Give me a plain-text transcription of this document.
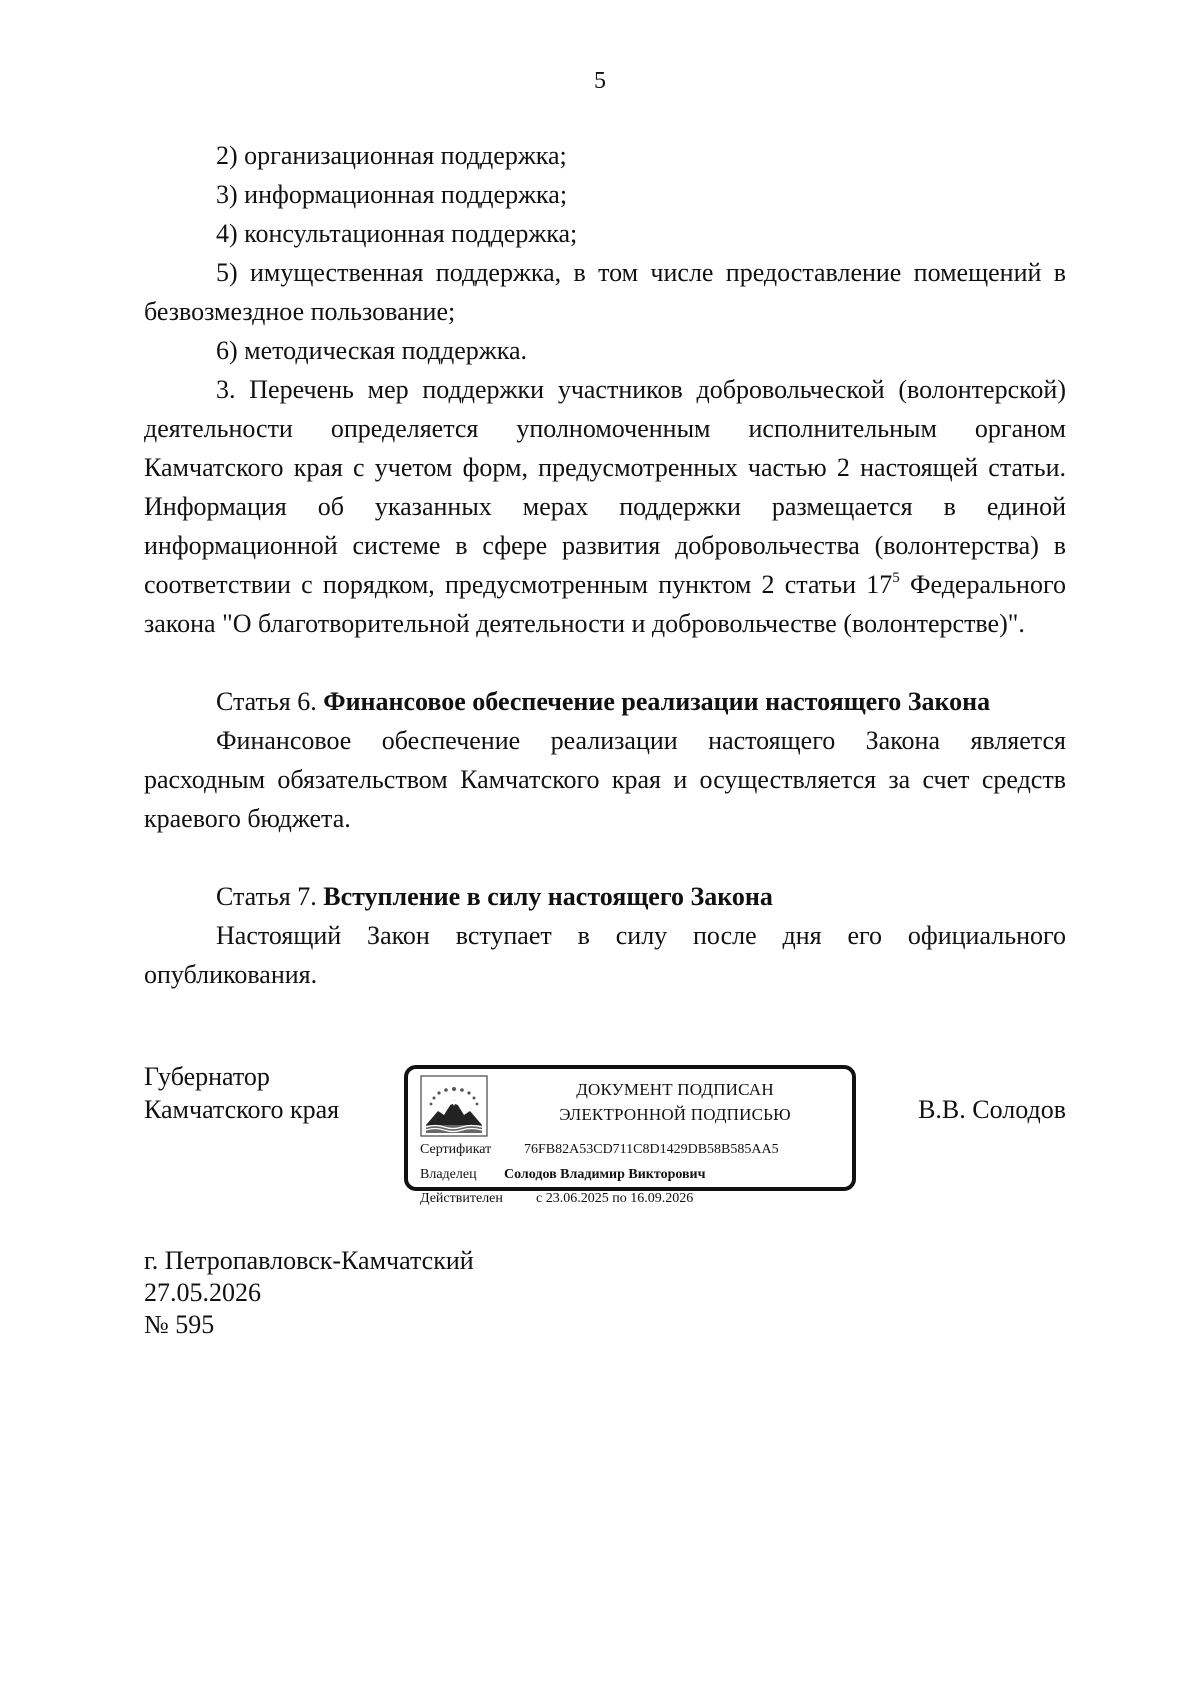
5

2) организационная поддержка;

3) информационная поддержка;

4) консультационная поддержка;

5) имущественная поддержка, в том числе предоставление помещений в безвозмездное пользование;

6) методическая поддержка.

3. Перечень мер поддержки участников добровольческой (волонтерской) деятельности определяется уполномоченным исполнительным органом Камчатского края с учетом форм, предусмотренных частью 2 настоящей статьи. Информация об указанных мерах поддержки размещается в единой информационной системе в сфере развития добровольчества (волонтерства) в соответствии с порядком, предусмотренным пунктом 2 статьи $17^5$ Федерального закона "О благотворительной деятельности и добровольчестве (волонтерстве)".

Статья 6. Финансовое обеспечение реализации настоящего Закона

Финансовое обеспечение реализации настоящего Закона является расходным обязательством Камчатского края и осуществляется за счет средств краевого бюджета.

Статья 7. Вступление в силу настоящего Закона

Настоящий Закон вступает в силу после дня его официального опубликования.

Губернатор
Камчатского края
ДОКУМЕНТ ПОДПИСАН
ЭЛЕКТРОННОЙ ПОДПИСЬЮ
Сертификат 76FB82A53CD711C8D1429DB58B585AA5
Владелец Солодов Владимир Викторович
Действителен с 23.06.2025 по 16.09.2026
В.В. Солодов
г. Петропавловск-Камчатский
27.05.2026
№ 595
